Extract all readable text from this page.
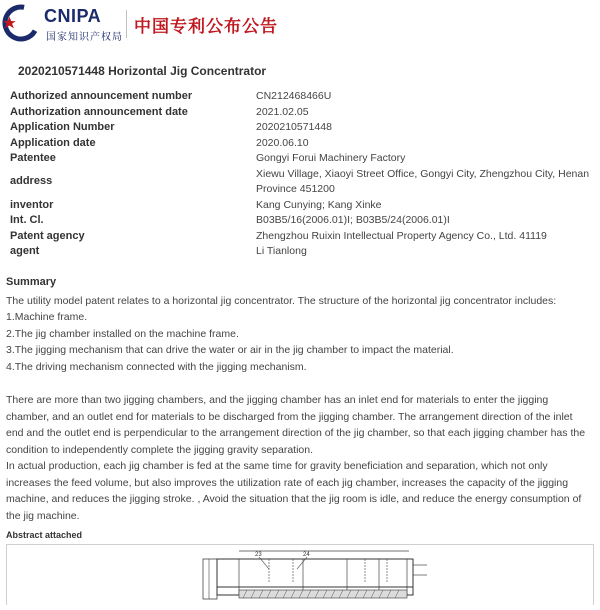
CNIPA
国家知识产权局
中国专利公布公告
2020210571448 Horizontal Jig Concentrator
Authorized announcement number	CN212468466U
Authorization announcement date	2021.02.05
Application Number	2020210571448
Application date	2020.06.10
Patentee	Gongyi Forui Machinery Factory
address	Xiewu Village, Xiaoyi Street Office, Gongyi City, Zhengzhou City, Henan Province 451200
inventor	Kang Cunying; Kang Xinke
Int. Cl.	B03B5/16(2006.01)I; B03B5/24(2006.01)I
Patent agency	Zhengzhou Ruixin Intellectual Property Agency Co., Ltd. 41119
agent	Li Tianlong
Summary

The utility model patent relates to a horizontal jig concentrator. The structure of the horizontal jig concentrator includes:

1.Machine frame.

2.The jig chamber installed on the machine frame.

3.The jigging mechanism that can drive the water or air in the jig chamber to impact the material.

4.The driving mechanism connected with the jigging mechanism.

There are more than two jigging chambers, and the jigging chamber has an inlet end for materials to enter the jigging chamber, and an outlet end for materials to be discharged from the jigging chamber. The arrangement direction of the inlet end and the outlet end is perpendicular to the arrangement direction of the jig chamber, so that each jigging chamber has the condition to independently complete the jigging gravity separation.

In actual production, each jig chamber is fed at the same time for gravity beneficiation and separation, which not only increases the feed volume, but also improves the utilization rate of each jig chamber, increases the capacity of the jigging machine, and reduces the jigging stroke. , Avoid the situation that the jig room is idle, and reduce the energy consumption of the jig machine.

Abstract attached
23	24
